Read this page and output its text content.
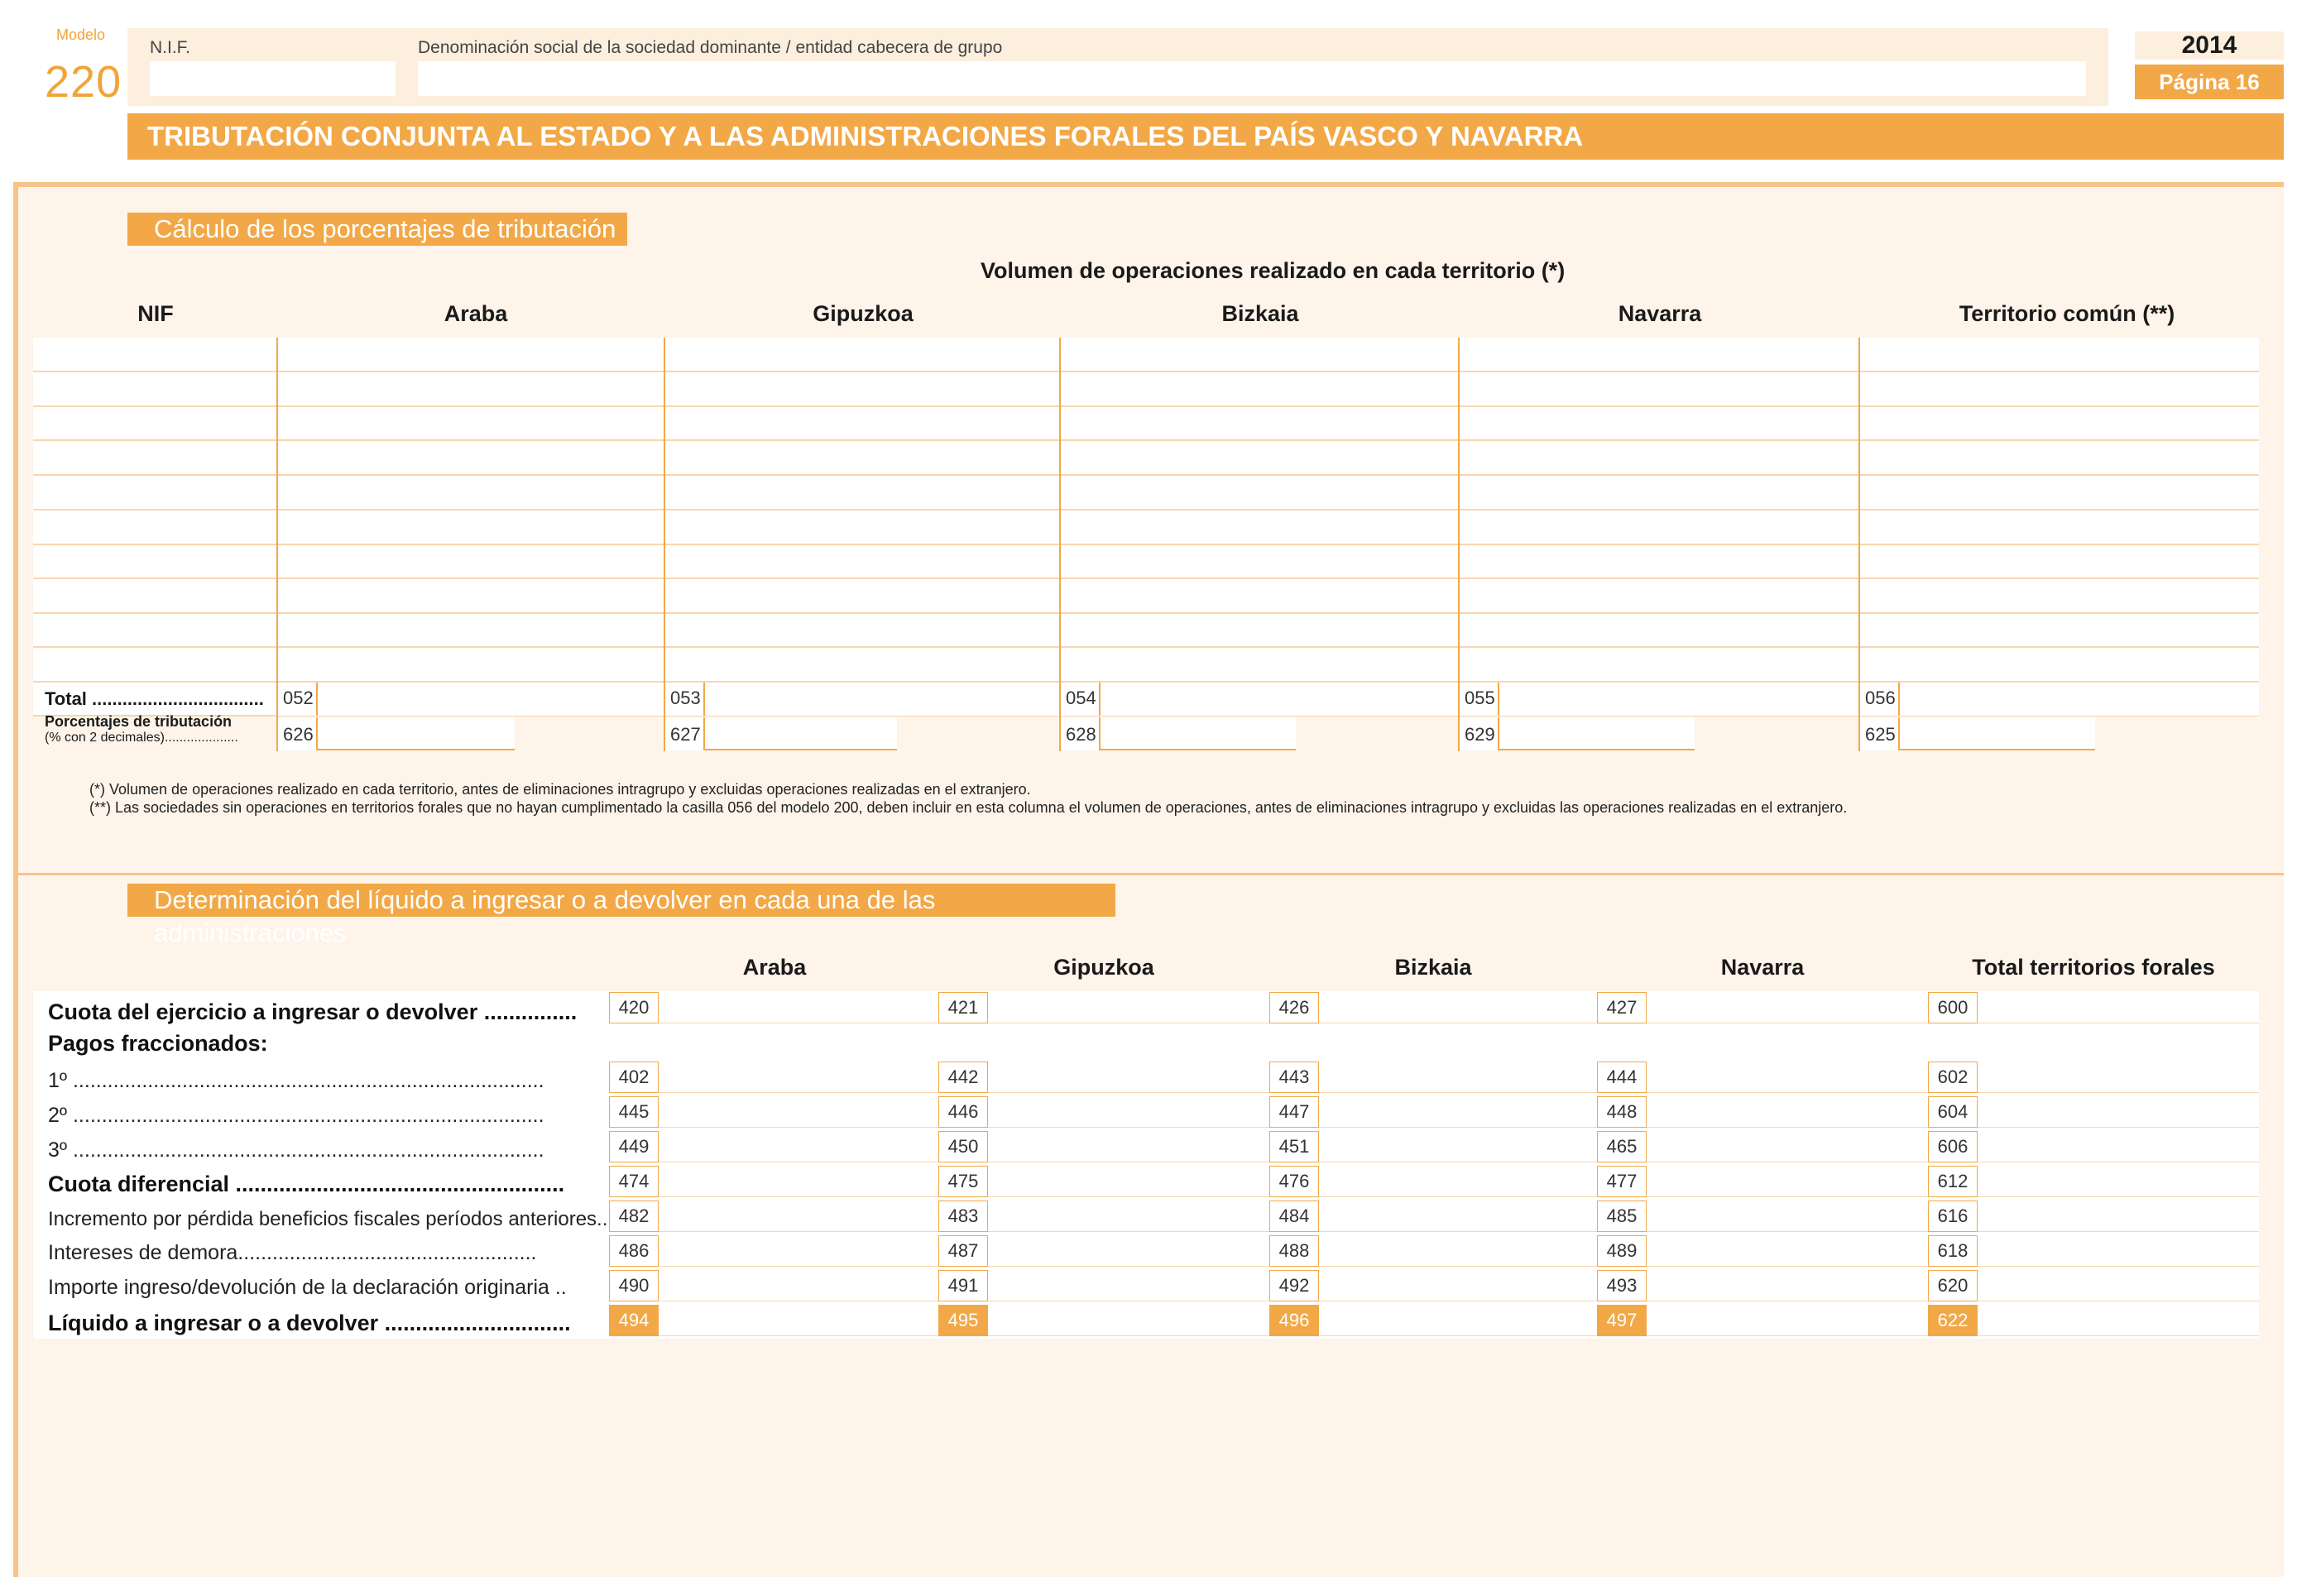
Modelo
220
N.I.F.	Denominación social de la sociedad dominante / entidad cabecera de grupo	2014
Página 16
TRIBUTACIÓN CONJUNTA AL ESTADO Y A LAS ADMINISTRACIONES FORALES DEL PAÍS VASCO Y NAVARRA
Cálculo de los porcentajes de tributación
Volumen de operaciones realizado en cada territorio (*)
NIF	Araba	Gipuzkoa	Bizkaia	Navarra	Territorio común (**)
Total .................................. 052	053	054	055	056
Porcentajes de tributación
(% con 2 decimales).................... 626	627	628	629	625
(*) Volumen de operaciones realizado en cada territorio, antes de eliminaciones intragrupo y excluidas operaciones realizadas en el extranjero.
(**) Las sociedades sin operaciones en territorios forales que no hayan cumplimentado la casilla 056 del modelo 200, deben incluir en esta columna el volumen de operaciones, antes de eliminaciones intragrupo y excluidas las operaciones realizadas en el extranjero.
Determinación del líquido a ingresar o a devolver en cada una de las administraciones
Araba	Gipuzkoa	Bizkaia	Navarra	Total territorios forales
Cuota del ejercicio a ingresar o devolver ...............	420	421	426	427	600
Pagos fraccionados:
1º ..................................................................................	402	442	443	444	602
2º ..................................................................................	445	446	447	448	604
3º ..................................................................................	449	450	451	465	606
Cuota diferencial .....................................................	474	475	476	477	612
Incremento por pérdida beneficios fiscales períodos anteriores.. 482	483	484	485	616
Intereses de demora....................................................	486	487	488	489	618
Importe ingreso/devolución de la declaración originaria ..	490	491	492	493	620
Líquido a ingresar o a devolver ..............................	494	495	496	497	622
